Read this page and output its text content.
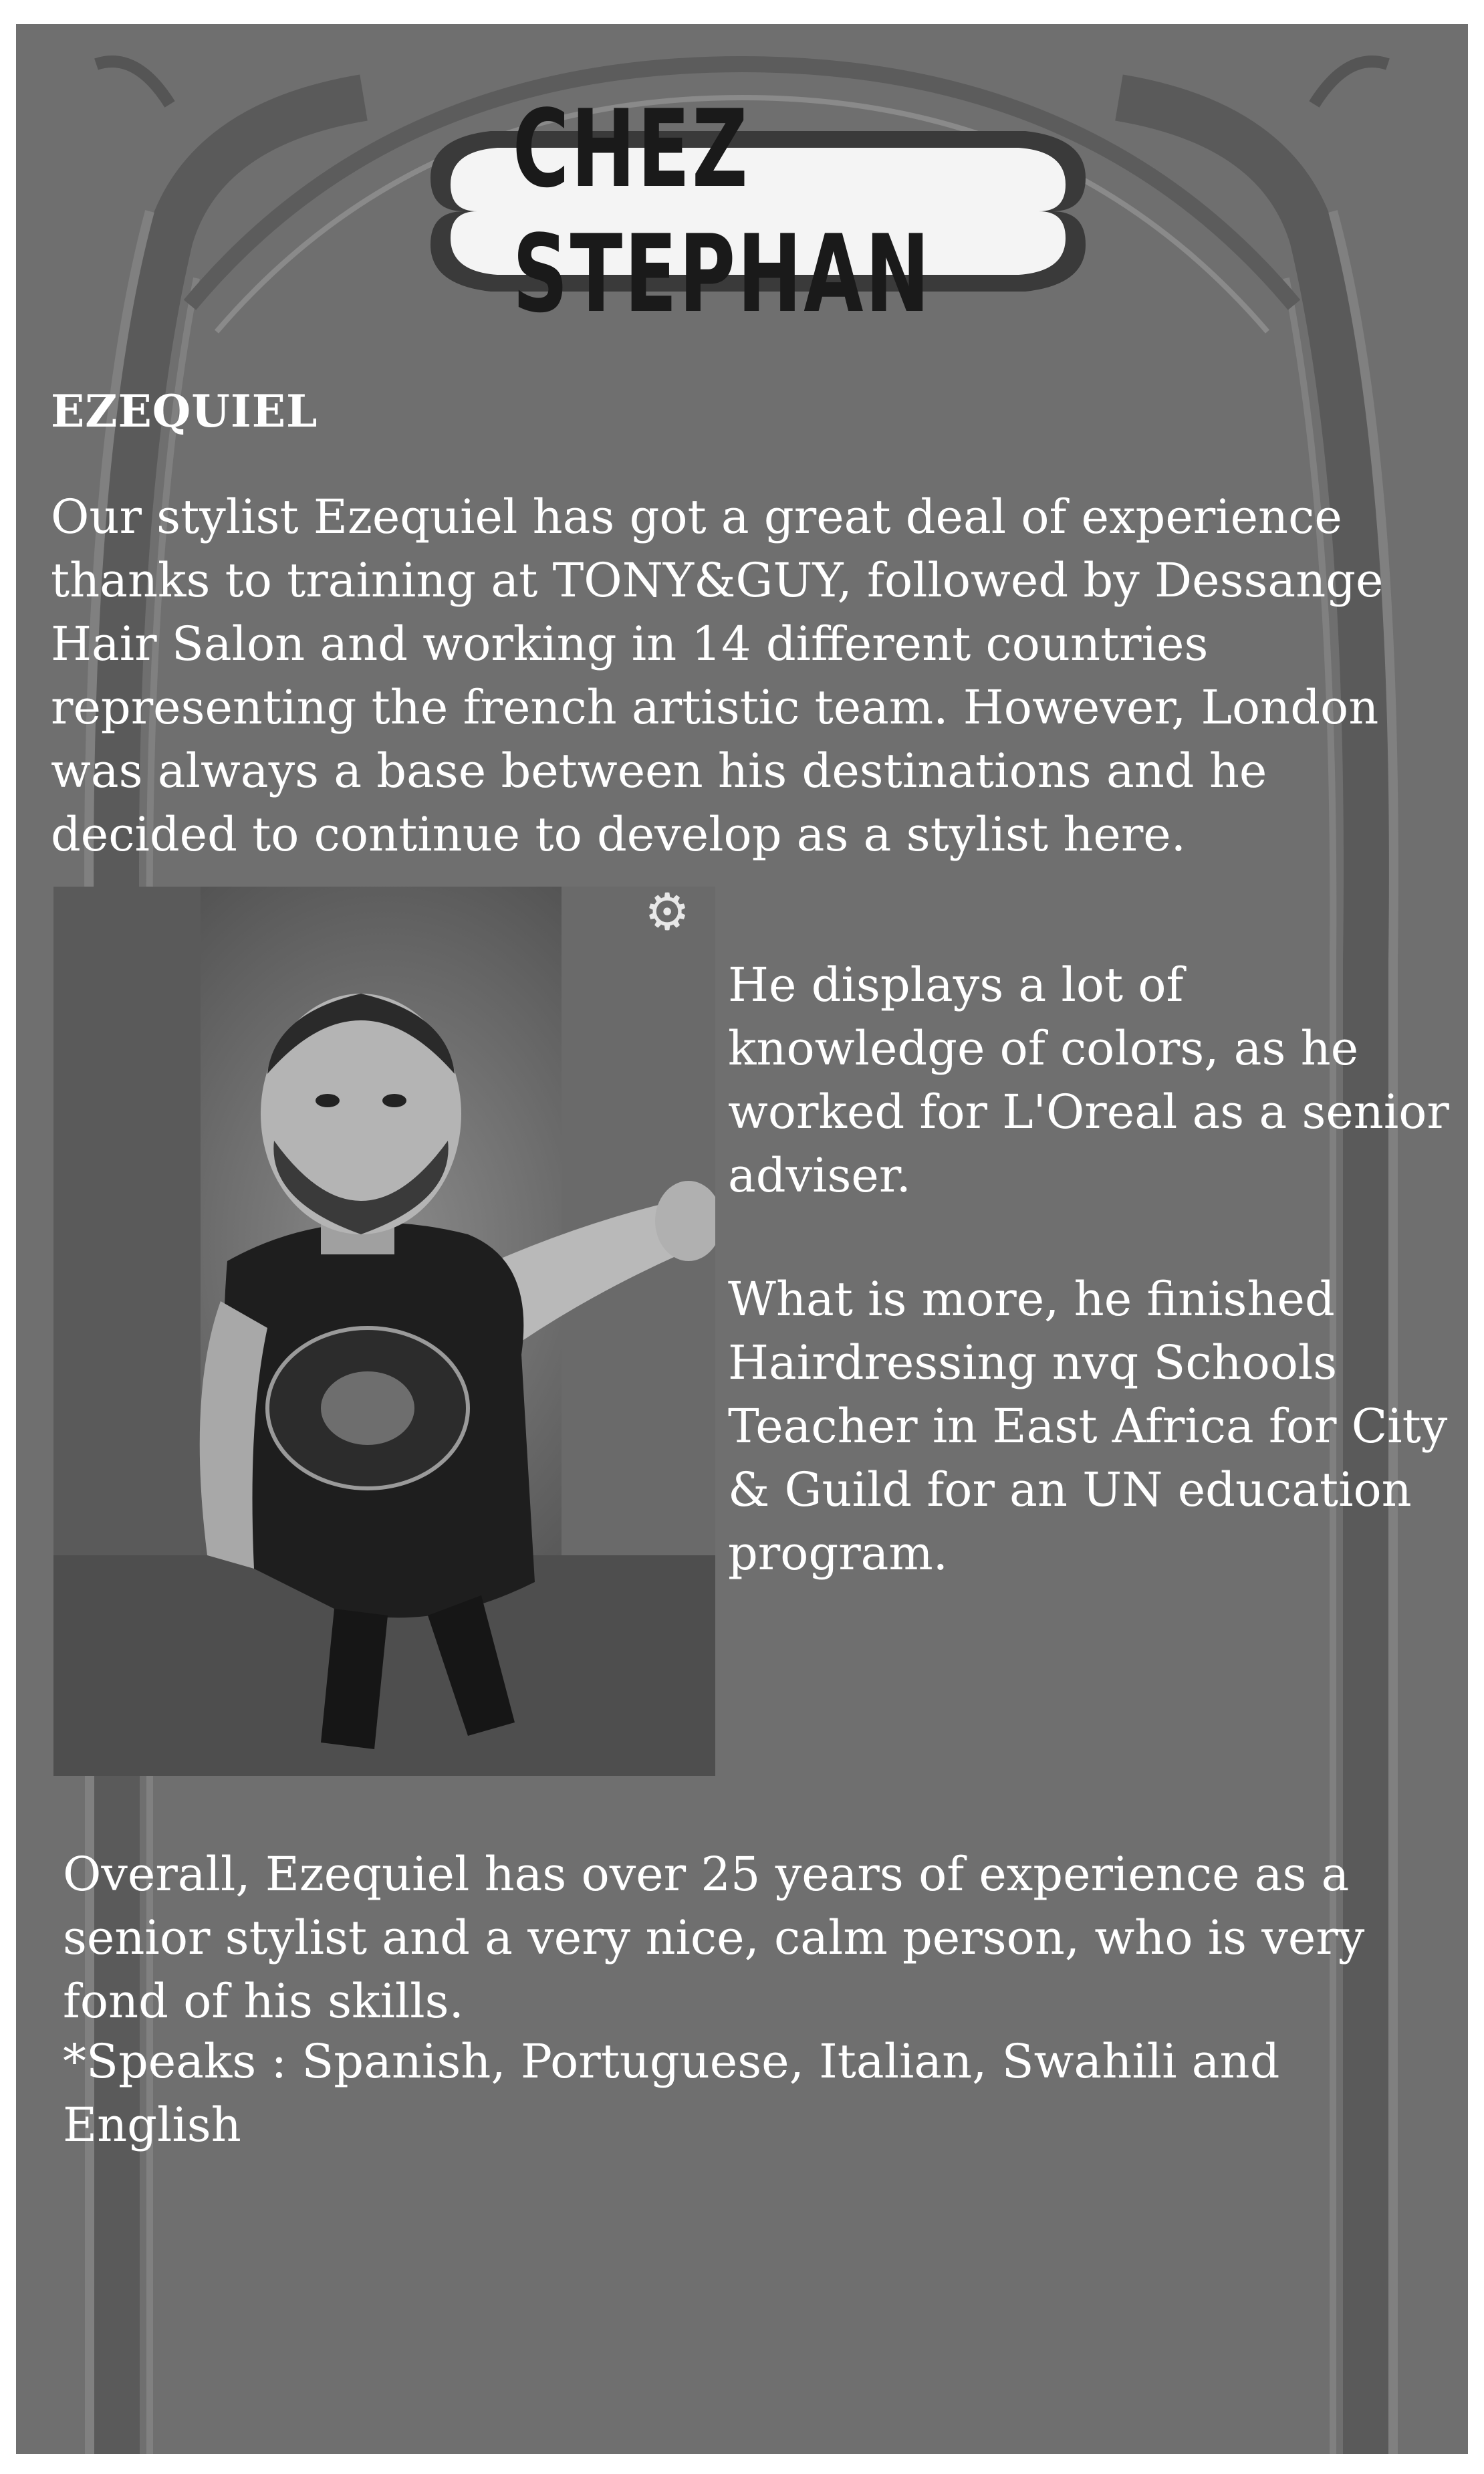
CHEZ STEPHAN
EZEQUIEL

Our stylist Ezequiel has got a great deal of experience thanks to training at TONY&GUY, followed by Dessange Hair Salon and working in 14 different countries representing the french artistic team. However, London was always a base between his destinations and he decided to continue to develop as a stylist here.

⚙

He displays a lot of knowledge of colors, as he worked for L'Oreal as a senior adviser.

What is more, he finished Hairdressing nvq Schools Teacher in East Africa for City & Guild for an UN education program.

Overall, Ezequiel has over 25 years of experience as a senior stylist and a very nice, calm person, who is very fond of his skills.

*Speaks : Spanish, Portuguese, Italian, Swahili and English
